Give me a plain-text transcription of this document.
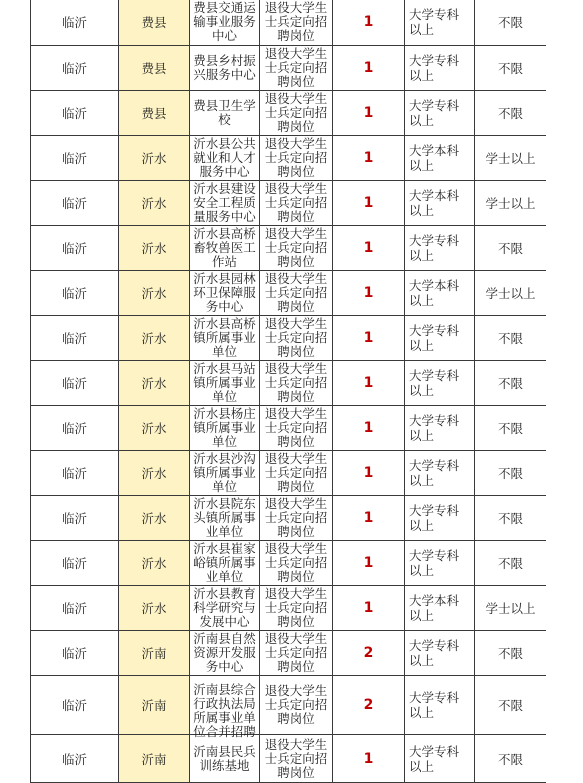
临沂	费县	费县交通运输事业服务中心	退役大学生士兵定向招聘岗位	1	大学专科以上	不限
临沂	费县	费县乡村振兴服务中心	退役大学生士兵定向招聘岗位	1	大学专科以上	不限
临沂	费县	费县卫生学校	退役大学生士兵定向招聘岗位	1	大学专科以上	不限
临沂	沂水	沂水县公共就业和人才服务中心	退役大学生士兵定向招聘岗位	1	大学本科以上	学士以上
临沂	沂水	沂水县建设安全工程质量服务中心	退役大学生士兵定向招聘岗位	1	大学本科以上	学士以上
临沂	沂水	沂水县高桥畜牧兽医工作站	退役大学生士兵定向招聘岗位	1	大学专科以上	不限
临沂	沂水	沂水县园林环卫保障服务中心	退役大学生士兵定向招聘岗位	1	大学本科以上	学士以上
临沂	沂水	沂水县高桥镇所属事业单位	退役大学生士兵定向招聘岗位	1	大学专科以上	不限
临沂	沂水	沂水县马站镇所属事业单位	退役大学生士兵定向招聘岗位	1	大学专科以上	不限
临沂	沂水	沂水县杨庄镇所属事业单位	退役大学生士兵定向招聘岗位	1	大学专科以上	不限
临沂	沂水	沂水县沙沟镇所属事业单位	退役大学生士兵定向招聘岗位	1	大学专科以上	不限
临沂	沂水	沂水县院东头镇所属事业单位	退役大学生士兵定向招聘岗位	1	大学专科以上	不限
临沂	沂水	沂水县崔家峪镇所属事业单位	退役大学生士兵定向招聘岗位	1	大学专科以上	不限
临沂	沂水	沂水县教育科学研究与发展中心	退役大学生士兵定向招聘岗位	1	大学本科以上	学士以上
临沂	沂南	沂南县自然资源开发服务中心	退役大学生士兵定向招聘岗位	2	大学专科以上	不限
临沂	沂南	沂南县综合行政执法局所属事业单位合并招聘	退役大学生士兵定向招聘岗位	2	大学专科以上	不限
临沂	沂南	沂南县民兵训练基地	退役大学生士兵定向招聘岗位	1	大学专科以上	不限
